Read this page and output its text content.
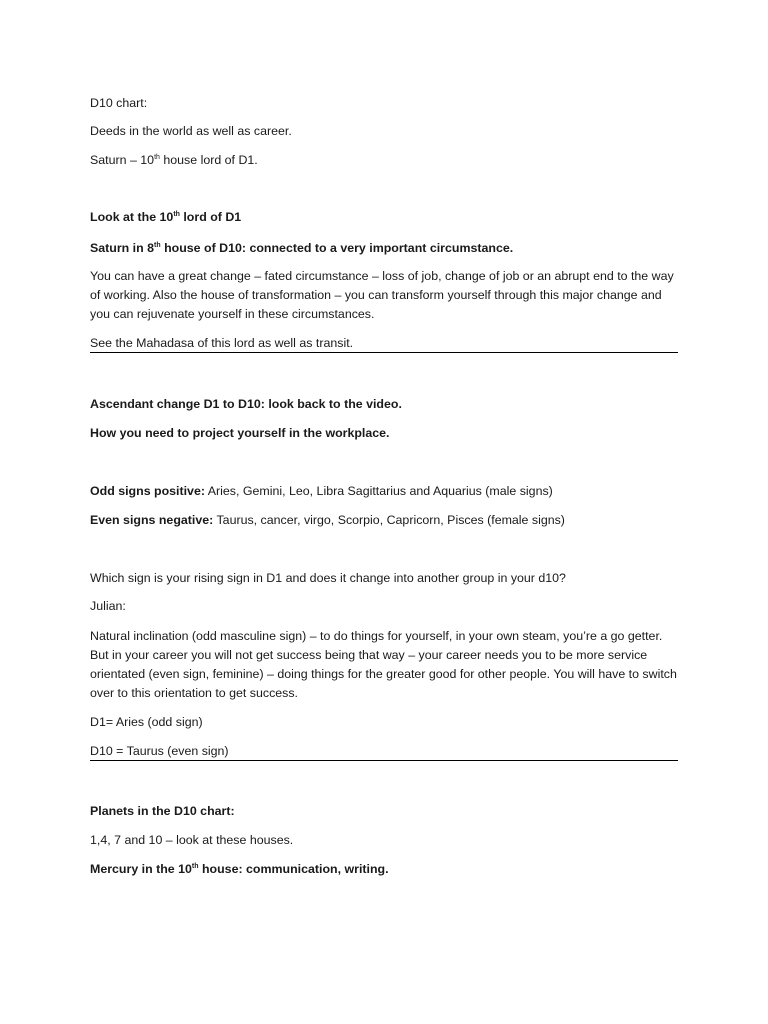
D10 chart:

Deeds in the world as well as career.

Saturn – 10th house lord of D1.

Look at the 10th lord of D1

Saturn in 8th house of D10: connected to a very important circumstance.

You can have a great change – fated circumstance – loss of job, change of job or an abrupt end to the way of working. Also the house of transformation – you can transform yourself through this major change and you can rejuvenate yourself in these circumstances.

See the Mahadasa of this lord as well as transit.

Ascendant change D1 to D10: look back to the video.

How you need to project yourself in the workplace.

Odd signs positive: Aries, Gemini, Leo, Libra Sagittarius and Aquarius (male signs)

Even signs negative: Taurus, cancer, virgo, Scorpio, Capricorn, Pisces (female signs)

Which sign is your rising sign in D1 and does it change into another group in your d10?

Julian:

Natural inclination (odd masculine sign) – to do things for yourself, in your own steam, you’re a go getter. But in your career you will not get success being that way – your career needs you to be more service orientated (even sign, feminine) – doing things for the greater good for other people. You will have to switch over to this orientation to get success.

D1= Aries (odd sign)

D10 = Taurus (even sign)

Planets in the D10 chart:

1,4, 7 and 10 – look at these houses.

Mercury in the 10th house: communication, writing.
